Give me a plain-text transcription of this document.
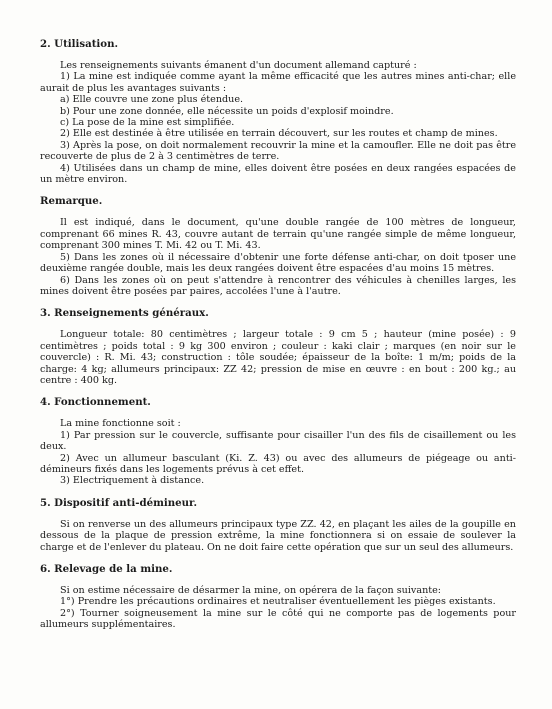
2. Utilisation.

Les renseignements suivants émanent d'un document allemand capturé :

1) La mine est indiquée comme ayant la même efficacité que les autres mines anti-char; elle aurait de plus les avantages suivants :

a) Elle couvre une zone plus étendue.

b) Pour une zone donnée, elle nécessite un poids d'explosif moindre.

c) La pose de la mine est simplifiée.

2) Elle est destinée à être utilisée en terrain découvert, sur les routes et champ de mines.

3) Après la pose, on doit normalement recouvrir la mine et la camoufler. Elle ne doit pas être recouverte de plus de 2 à 3 centimètres de terre.

4) Utilisées dans un champ de mine, elles doivent être posées en deux rangées espacées de un mètre environ.

Remarque.

Il est indiqué, dans le document, qu'une double rangée de 100 mètres de longueur, comprenant 66 mines R. 43, couvre autant de terrain qu'une rangée simple de même longueur, comprenant 300 mines T. Mi. 42 ou T. Mi. 43.

5) Dans les zones où il nécessaire d'obtenir une forte défense anti-char, on doit tposer une deuxième rangée double, mais les deux rangées doivent être espacées d'au moins 15 mètres.

6) Dans les zones où on peut s'attendre à rencontrer des véhicules à chenilles larges, les mines doivent être posées par paires, accolées l'une à l'autre.

3. Renseignements généraux.

Longueur totale: 80 centimètres ; largeur totale : 9 cm 5 ; hauteur (mine posée) : 9 centimètres ; poids total : 9 kg 300 environ ; couleur : kaki clair ; marques (en noir sur le couvercle) : R. Mi. 43; construction : tôle soudée; épaisseur de la boîte: 1 m/m; poids de la charge: 4 kg; allumeurs principaux: ZZ 42; pression de mise en œuvre : en bout : 200 kg.; au centre : 400 kg.

4. Fonctionnement.

La mine fonctionne soit :

1) Par pression sur le couvercle, suffisante pour cisailler l'un des fils de cisaillement ou les deux.

2) Avec un allumeur basculant (Ki. Z. 43) ou avec des allumeurs de piégeage ou anti-démineurs fixés dans les logements prévus à cet effet.

3) Electriquement à distance.

5. Dispositif anti-démineur.

Si on renverse un des allumeurs principaux type ZZ. 42, en plaçant les ailes de la goupille en dessous de la plaque de pression extrême, la mine fonctionnera si on essaie de soulever la charge et de l'enlever du plateau. On ne doit faire cette opération que sur un seul des allumeurs.

6. Relevage de la mine.

Si on estime nécessaire de désarmer la mine, on opérera de la façon suivante:

1°) Prendre les précautions ordinaires et neutraliser éventuellement les pièges existants.

2°) Tourner soigneusement la mine sur le côté qui ne comporte pas de logements pour allumeurs supplémentaires.
